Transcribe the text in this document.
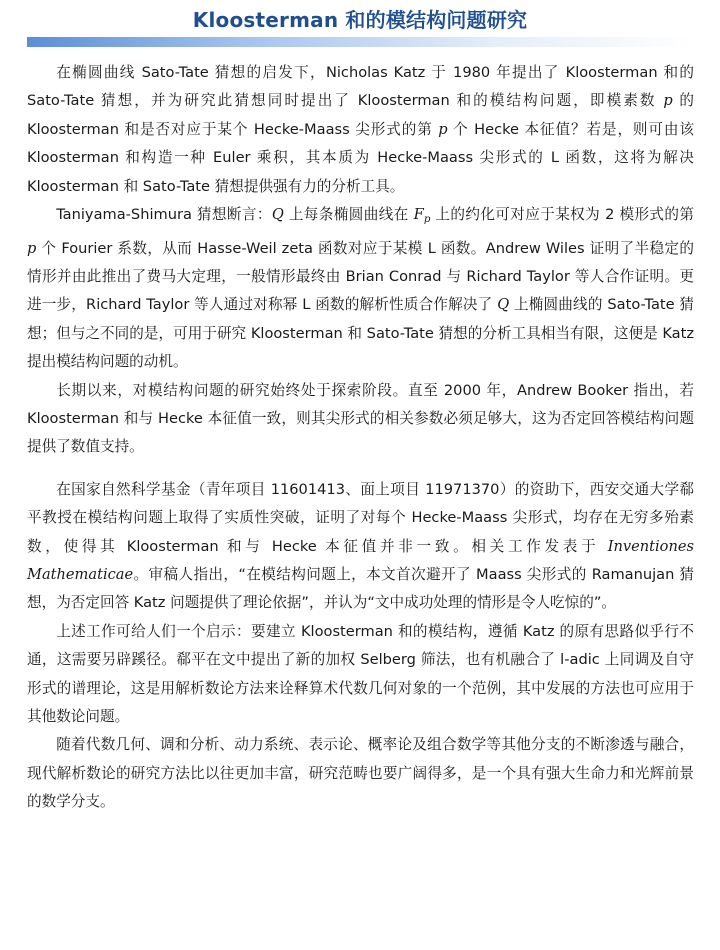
Kloosterman 和的模结构问题研究

在椭圆曲线 Sato-Tate 猜想的启发下，Nicholas Katz 于 1980 年提出了 Kloosterman 和的 Sato-Tate 猜想，并为研究此猜想同时提出了 Kloosterman 和的模结构问题，即模素数 p 的 Kloosterman 和是否对应于某个 Hecke-Maass 尖形式的第 p 个 Hecke 本征值？若是，则可由该 Kloosterman 和构造一种 Euler 乘积，其本质为 Hecke-Maass 尖形式的 L 函数，这将为解决 Kloosterman 和 Sato-Tate 猜想提供强有力的分析工具。

Taniyama-Shimura 猜想断言：Q 上每条椭圆曲线在 $F_p$ 上的约化可对应于某权为 2 模形式的第 p 个 Fourier 系数，从而 Hasse-Weil zeta 函数对应于某模 L 函数。Andrew Wiles 证明了半稳定的情形并由此推出了费马大定理，一般情形最终由 Brian Conrad 与 Richard Taylor 等人合作证明。更进一步，Richard Taylor 等人通过对称幂 L 函数的解析性质合作解决了 Q 上椭圆曲线的 Sato-Tate 猜想；但与之不同的是，可用于研究 Kloosterman 和 Sato-Tate 猜想的分析工具相当有限，这便是 Katz 提出模结构问题的动机。

长期以来，对模结构问题的研究始终处于探索阶段。直至 2000 年，Andrew Booker 指出，若 Kloosterman 和与 Hecke 本征值一致，则其尖形式的相关参数必须足够大，这为否定回答模结构问题提供了数值支持。

在国家自然科学基金（青年项目 11601413、面上项目 11971370）的资助下，西安交通大学郗平教授在模结构问题上取得了实质性突破，证明了对每个 Hecke-Maass 尖形式，均存在无穷多殆素数，使得其 Kloosterman 和与 Hecke 本征值并非一致。相关工作发表于 Inventiones Mathematicae。审稿人指出，“在模结构问题上，本文首次避开了 Maass 尖形式的 Ramanujan 猜想，为否定回答 Katz 问题提供了理论依据”，并认为“文中成功处理的情形是令人吃惊的”。

上述工作可给人们一个启示：要建立 Kloosterman 和的模结构，遵循 Katz 的原有思路似乎行不通，这需要另辟蹊径。郗平在文中提出了新的加权 Selberg 筛法，也有机融合了 l-adic 上同调及自守形式的谱理论，这是用解析数论方法来诠释算术代数几何对象的一个范例，其中发展的方法也可应用于其他数论问题。

随着代数几何、调和分析、动力系统、表示论、概率论及组合数学等其他分支的不断渗透与融合，现代解析数论的研究方法比以往更加丰富，研究范畴也要广阔得多，是一个具有强大生命力和光辉前景的数学分支。
